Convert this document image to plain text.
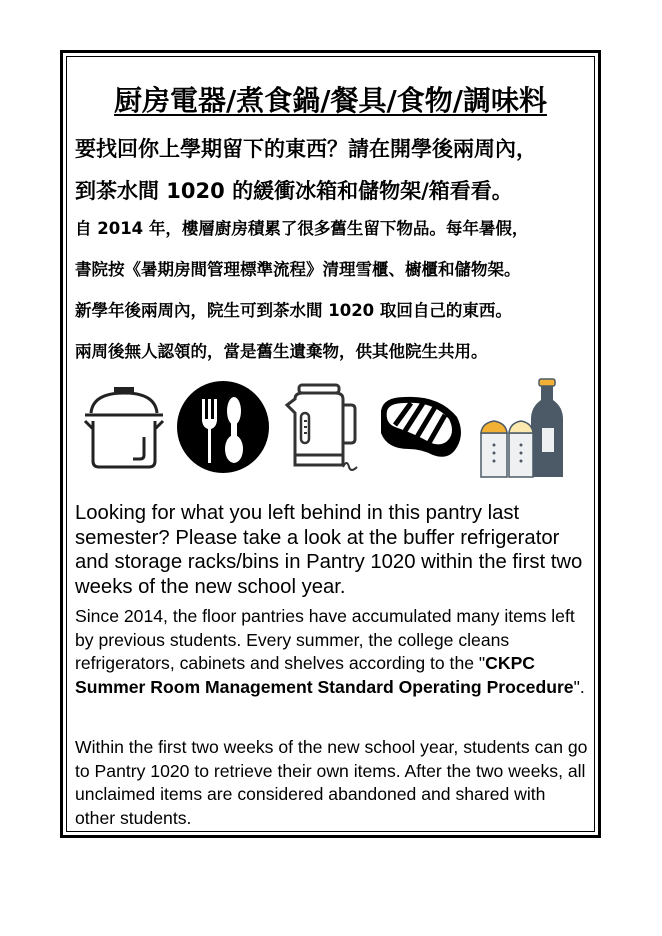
厨房電器/煮食鍋/餐具/食物/調味料
要找回你上學期留下的東西？請在開學後兩周內，
到茶水間 1020 的緩衝冰箱和儲物架/箱看看。
自 2014 年，樓層廚房積累了很多舊生留下物品。每年暑假，
書院按《暑期房間管理標準流程》清理雪櫃、櫥櫃和儲物架。
新學年後兩周內，院生可到茶水間 1020 取回自己的東西。
兩周後無人認領的，當是舊生遺棄物，供其他院生共用。
Looking for what you left behind in this pantry last semester? Please take a look at the buffer refrigerator and storage racks/bins in Pantry 1020 within the first two weeks of the new school year.
Since 2014, the floor pantries have accumulated many items left by previous students. Every summer, the college cleans refrigerators, cabinets and shelves according to the "CKPC Summer Room Management Standard Operating Procedure".
Within the first two weeks of the new school year, students can go to Pantry 1020 to retrieve their own items. After the two weeks, all unclaimed items are considered abandoned and shared with other students.
